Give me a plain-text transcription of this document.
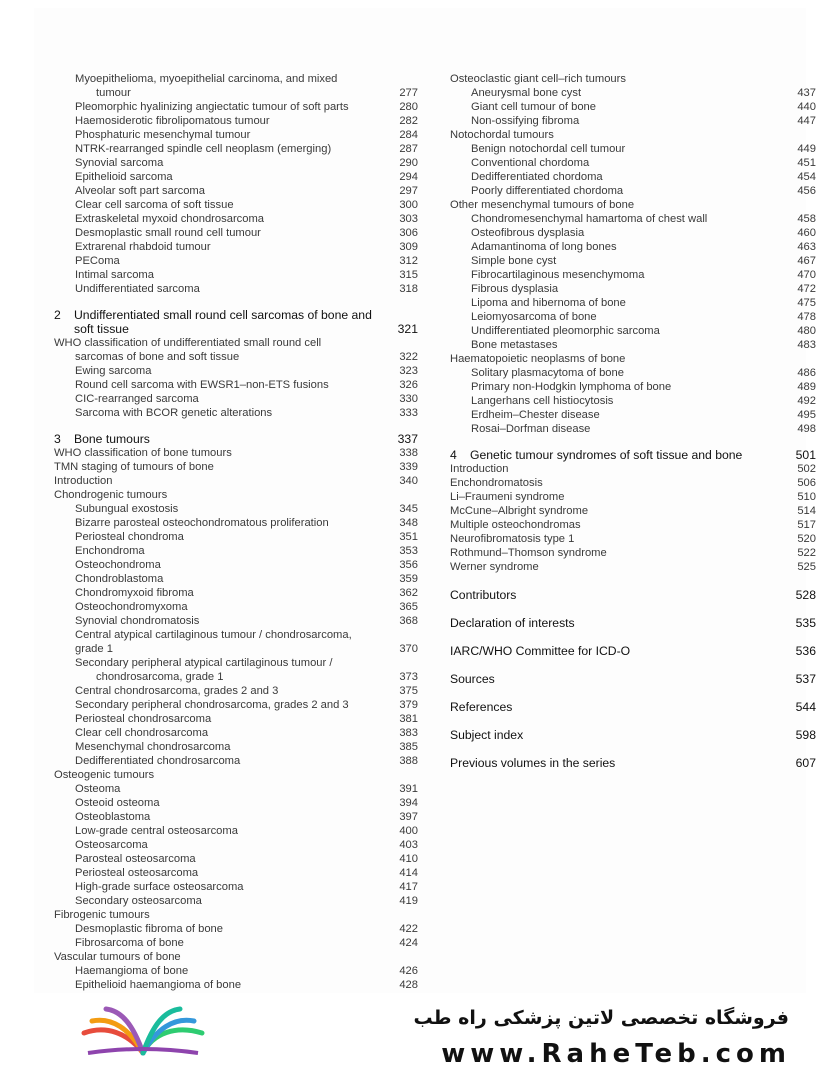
Myoepithelioma, myoepithelial carcinoma, and mixed
tumour	277
Pleomorphic hyalinizing angiectatic tumour of soft parts	280
Haemosiderotic fibrolipomatous tumour	282
Phosphaturic mesenchymal tumour	284
NTRK-rearranged spindle cell neoplasm (emerging)	287
Synovial sarcoma	290
Epithelioid sarcoma	294
Alveolar soft part sarcoma	297
Clear cell sarcoma of soft tissue	300
Extraskeletal myxoid chondrosarcoma	303
Desmoplastic small round cell tumour	306
Extrarenal rhabdoid tumour	309
PEComa	312
Intimal sarcoma	315
Undifferentiated sarcoma	318
2 Undifferentiated small round cell sarcomas of bone and
soft tissue	321
WHO classification of undifferentiated small round cell
sarcomas of bone and soft tissue	322
Ewing sarcoma	323
Round cell sarcoma with EWSR1–non-ETS fusions	326
CIC-rearranged sarcoma	330
Sarcoma with BCOR genetic alterations	333
3 Bone tumours	337
WHO classification of bone tumours	338
TMN staging of tumours of bone	339
Introduction	340
Chondrogenic tumours
Subungual exostosis	345
Bizarre parosteal osteochondromatous proliferation	348
Periosteal chondroma	351
Enchondroma	353
Osteochondroma	356
Chondroblastoma	359
Chondromyxoid fibroma	362
Osteochondromyxoma	365
Synovial chondromatosis	368
Central atypical cartilaginous tumour / chondrosarcoma,
grade 1	370
Secondary peripheral atypical cartilaginous tumour /
chondrosarcoma, grade 1	373
Central chondrosarcoma, grades 2 and 3	375
Secondary peripheral chondrosarcoma, grades 2 and 3	379
Periosteal chondrosarcoma	381
Clear cell chondrosarcoma	383
Mesenchymal chondrosarcoma	385
Dedifferentiated chondrosarcoma	388
Osteogenic tumours
Osteoma	391
Osteoid osteoma	394
Osteoblastoma	397
Low-grade central osteosarcoma	400
Osteosarcoma	403
Parosteal osteosarcoma	410
Periosteal osteosarcoma	414
High-grade surface osteosarcoma	417
Secondary osteosarcoma	419
Fibrogenic tumours
Desmoplastic fibroma of bone	422
Fibrosarcoma of bone	424
Vascular tumours of bone
Haemangioma of bone	426
Epithelioid haemangioma of bone	428
Osteoclastic giant cell–rich tumours
Aneurysmal bone cyst	437
Giant cell tumour of bone	440
Non-ossifying fibroma	447
Notochordal tumours
Benign notochordal cell tumour	449
Conventional chordoma	451
Dedifferentiated chordoma	454
Poorly differentiated chordoma	456
Other mesenchymal tumours of bone
Chondromesenchymal hamartoma of chest wall	458
Osteofibrous dysplasia	460
Adamantinoma of long bones	463
Simple bone cyst	467
Fibrocartilaginous mesenchymoma	470
Fibrous dysplasia	472
Lipoma and hibernoma of bone	475
Leiomyosarcoma of bone	478
Undifferentiated pleomorphic sarcoma	480
Bone metastases	483
Haematopoietic neoplasms of bone
Solitary plasmacytoma of bone	486
Primary non-Hodgkin lymphoma of bone	489
Langerhans cell histiocytosis	492
Erdheim–Chester disease	495
Rosai–Dorfman disease	498
4 Genetic tumour syndromes of soft tissue and bone	501
Introduction	502
Enchondromatosis	506
Li–Fraumeni syndrome	510
McCune–Albright syndrome	514
Multiple osteochondromas	517
Neurofibromatosis type 1	520
Rothmund–Thomson syndrome	522
Werner syndrome	525
Contributors	528
Declaration of interests	535
IARC/WHO Committee for ICD-O	536
Sources	537
References	544
Subject index	598
Previous volumes in the series	607
فروشگاه تخصصی لاتین پزشکی راه طب
www.RaheTeb.com
